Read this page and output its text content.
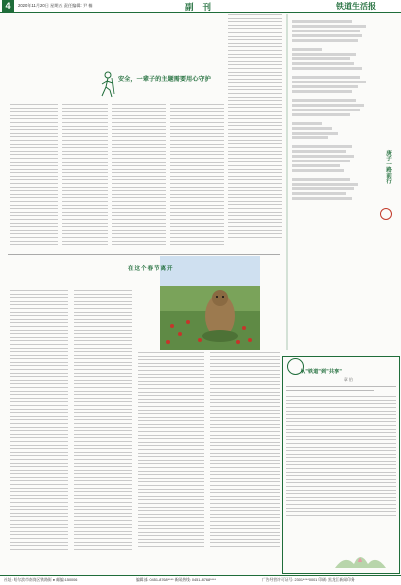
4	2020年11月20日 星期五 责任编辑: 尹 楠	副 刊	铁道生活报
安全，一辈子的主题需要用心守护
在这个春节离开
庚子一路前行
从"铁道"到"共享"
章 伯
社址: 哈尔滨市南岗区铁路街 ● 邮编:150006	编辑部: 0451-8768**** 新闻热线: 0451-8768****	广告经营许可证号: 2301****0001 印刷: 黑龙江新闻印务
